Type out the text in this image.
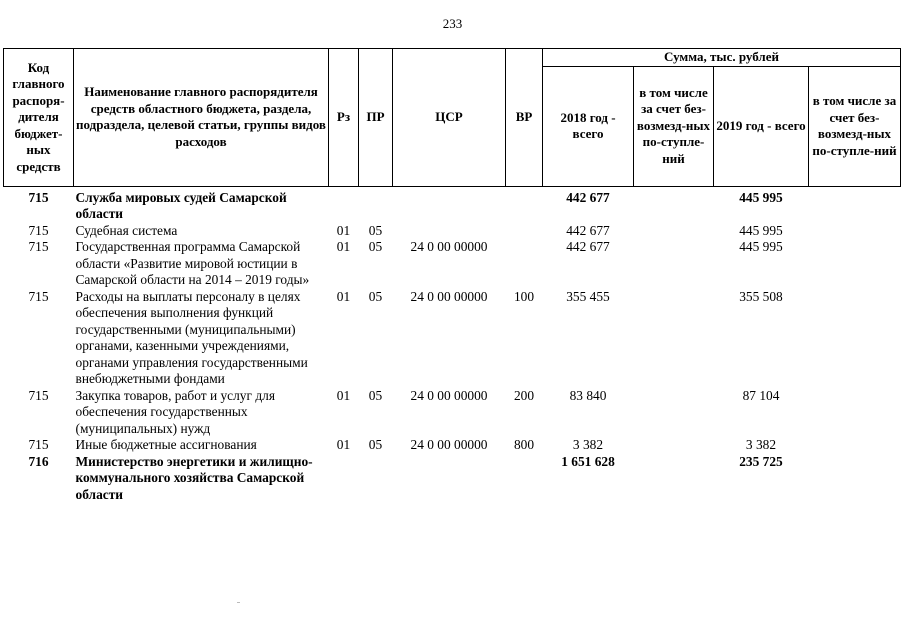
233
Код главного распоря-дителя бюджет-ных средств	Наименование главного распорядителя средств областного бюджета, раздела, подраздела, целевой статьи, группы видов расходов	Рз	ПР	ЦСР	ВР	Сумма, тыс. рублей			
						2018 год - всего	в том числе за счет без-возмезд-ных по-ступле-ний	2019 год - всего	в том числе за счет без-возмезд-ных по-ступле-ний
715	Служба мировых судей Самарской области					442 677		445 995	
715	Судебная система	01	05			442 677		445 995	
715	Государственная программа Самарской области «Развитие мировой юстиции в Самарской области на 2014 – 2019 годы»	01	05	24 0 00 00000		442 677		445 995	
715	Расходы на выплаты персоналу в целях обеспечения выполнения функций государственными (муниципальными) органами, казенными учреждениями, органами управления государственными внебюджетными фондами	01	05	24 0 00 00000	100	355 455		355 508	
715	Закупка товаров, работ и услуг для обеспечения государственных (муниципальных) нужд	01	05	24 0 00 00000	200	83 840		87 104	
715	Иные бюджетные ассигнования	01	05	24 0 00 00000	800	3 382		3 382	
716	Министерство энергетики и жилищно-коммунального хозяйства Самарской области					1 651 628		235 725	
